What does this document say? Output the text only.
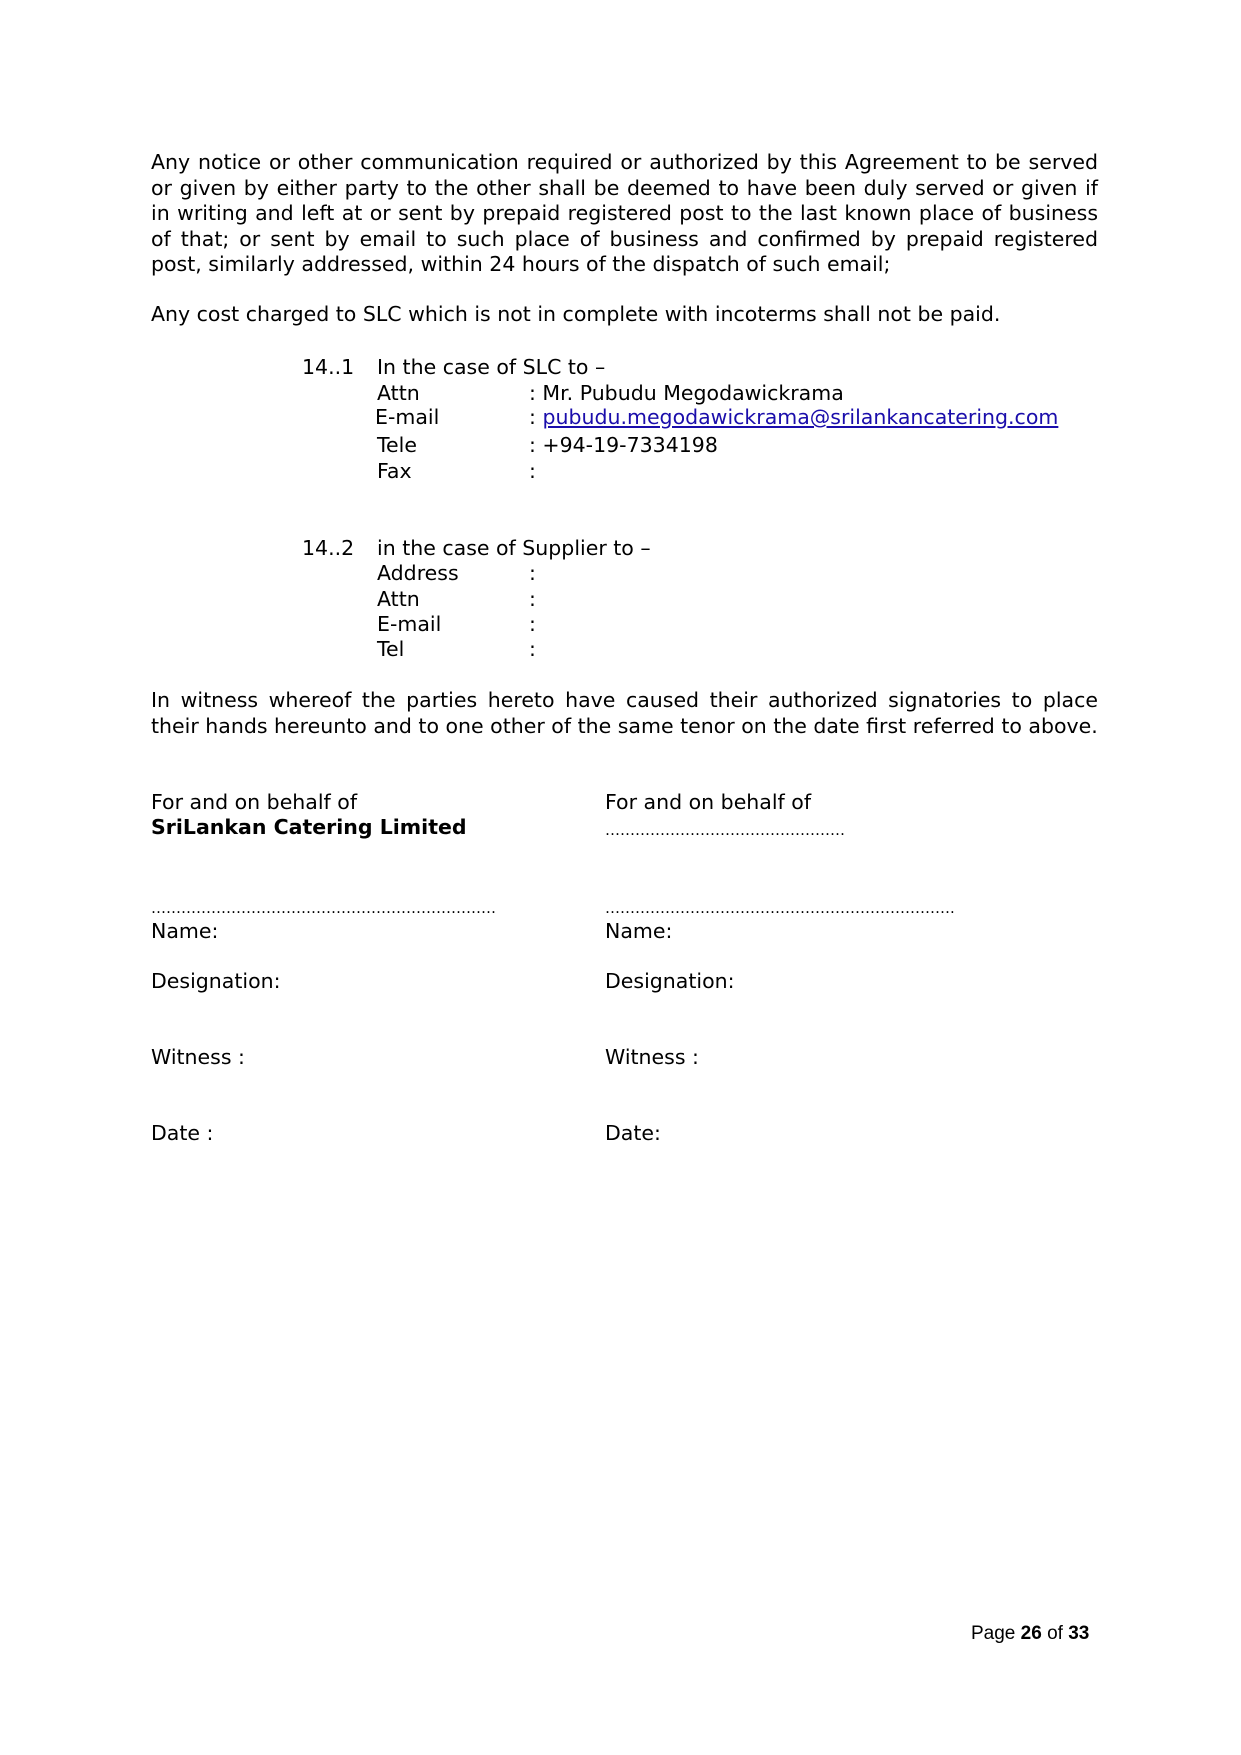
Any notice or other communication required or authorized by this Agreement to be served or given by either party to the other shall be deemed to have been duly served or given if in writing and left at or sent by prepaid registered post to the last known place of business of that; or sent by email to such place of business and confirmed by prepaid registered post, similarly addressed, within 24 hours of the dispatch of such email;

Any cost charged to SLC which is not in complete with incoterms shall not be paid.

14..1 In the case of SLC to –
Attn	: Mr. Pubudu Megodawickrama
E-mail	: pubudu.megodawickrama@srilankancatering.com
Tele	: +94-19-7334198
Fax	:
14..2 in the case of Supplier to –
Address	:
Attn	:
E-mail	:
Tel	:

In witness whereof the parties hereto have caused their authorized signatories to place their hands hereunto and to one other of the same tenor on the date first referred to above.

For and on behalf of
SriLankan Catering Limited
……………………………………………………………
Name:
Designation:
Witness :
Date :
For and on behalf of
…………………………………………
…………………………………………………………….
Name:
Designation:
Witness :
Date:
Page 26 of 33
